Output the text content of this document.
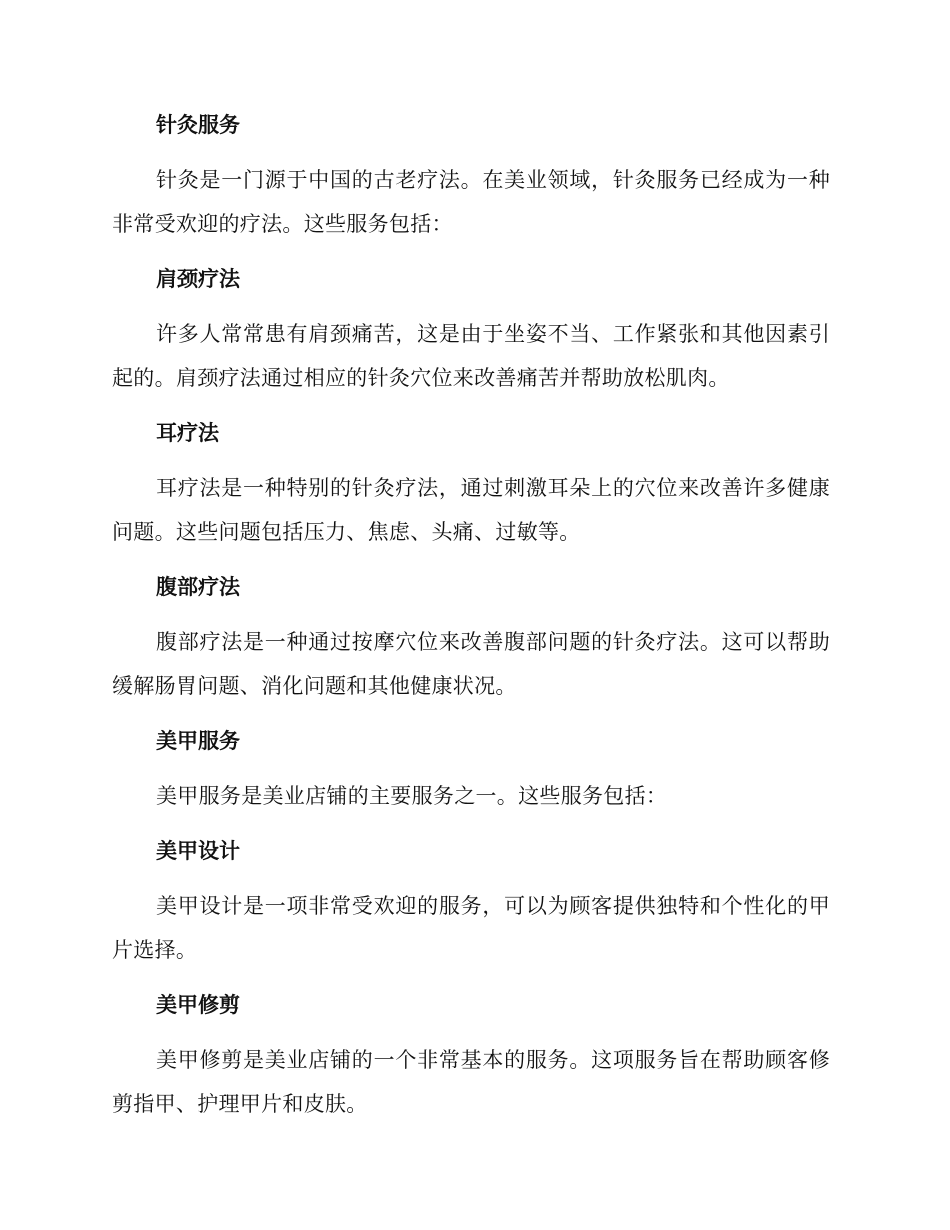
针灸服务

针灸是一门源于中国的古老疗法。在美业领域，针灸服务已经成为一种非常受欢迎的疗法。这些服务包括：

肩颈疗法

许多人常常患有肩颈痛苦，这是由于坐姿不当、工作紧张和其他因素引起的。肩颈疗法通过相应的针灸穴位来改善痛苦并帮助放松肌肉。

耳疗法

耳疗法是一种特别的针灸疗法，通过刺激耳朵上的穴位来改善许多健康问题。这些问题包括压力、焦虑、头痛、过敏等。

腹部疗法

腹部疗法是一种通过按摩穴位来改善腹部问题的针灸疗法。这可以帮助缓解肠胃问题、消化问题和其他健康状况。

美甲服务

美甲服务是美业店铺的主要服务之一。这些服务包括：

美甲设计

美甲设计是一项非常受欢迎的服务，可以为顾客提供独特和个性化的甲片选择。

美甲修剪

美甲修剪是美业店铺的一个非常基本的服务。这项服务旨在帮助顾客修剪指甲、护理甲片和皮肤。
